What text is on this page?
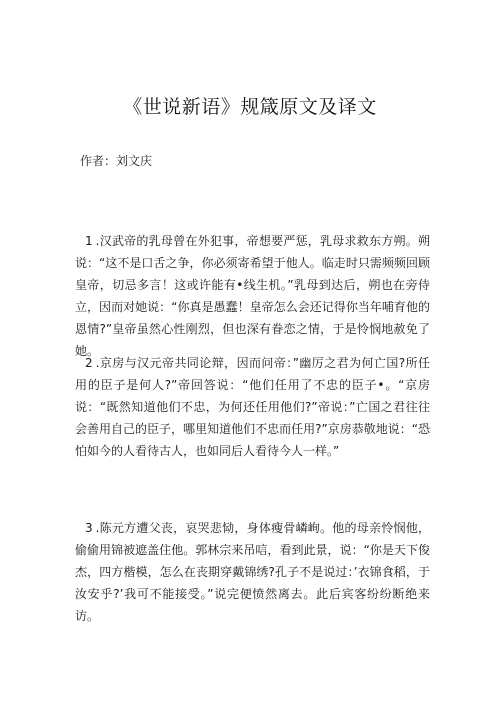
《世说新语》规箴原文及译文

作者：刘文庆

1 .汉武帝的乳母曾在外犯事，帝想要严惩，乳母求救东方朔。朔说：“这不是口舌之争，你必须寄希望于他人。临走时只需频频回顾皇帝，切忌多言！这或许能有•线生机。”乳母到达后，朔也在旁侍立，因而对她说：“你真是愚蠢！皇帝怎么会还记得你当年哺育他的恩情?”皇帝虽然心性刚烈，但也深有眷恋之情，于是怜悯地赦免了她。

2 .京房与汉元帝共同论辩，因而问帝：”幽厉之君为何亡国?所任用的臣子是何人?”帝回答说：“他们任用了不忠的臣子•。“京房说：“既然知道他们不忠，为何还任用他们?”帝说：”亡国之君往往会善用自己的臣子，哪里知道他们不忠而任用?”京房恭敬地说：“恐怕如今的人看待古人，也如同后人看待今人一样。”

3 .陈元方遭父丧，哀哭悲恸，身体瘦骨嶙峋。他的母亲怜悯他，偷偷用锦被遮盖住他。郭林宗来吊唁，看到此景，说：“你是天下俊杰，四方楷模，怎么在丧期穿戴锦绣?孔子不是说过：’衣锦食稻，于汝安乎?’我可不能接受。”说完便愤然离去。此后宾客纷纷断绝来访。
